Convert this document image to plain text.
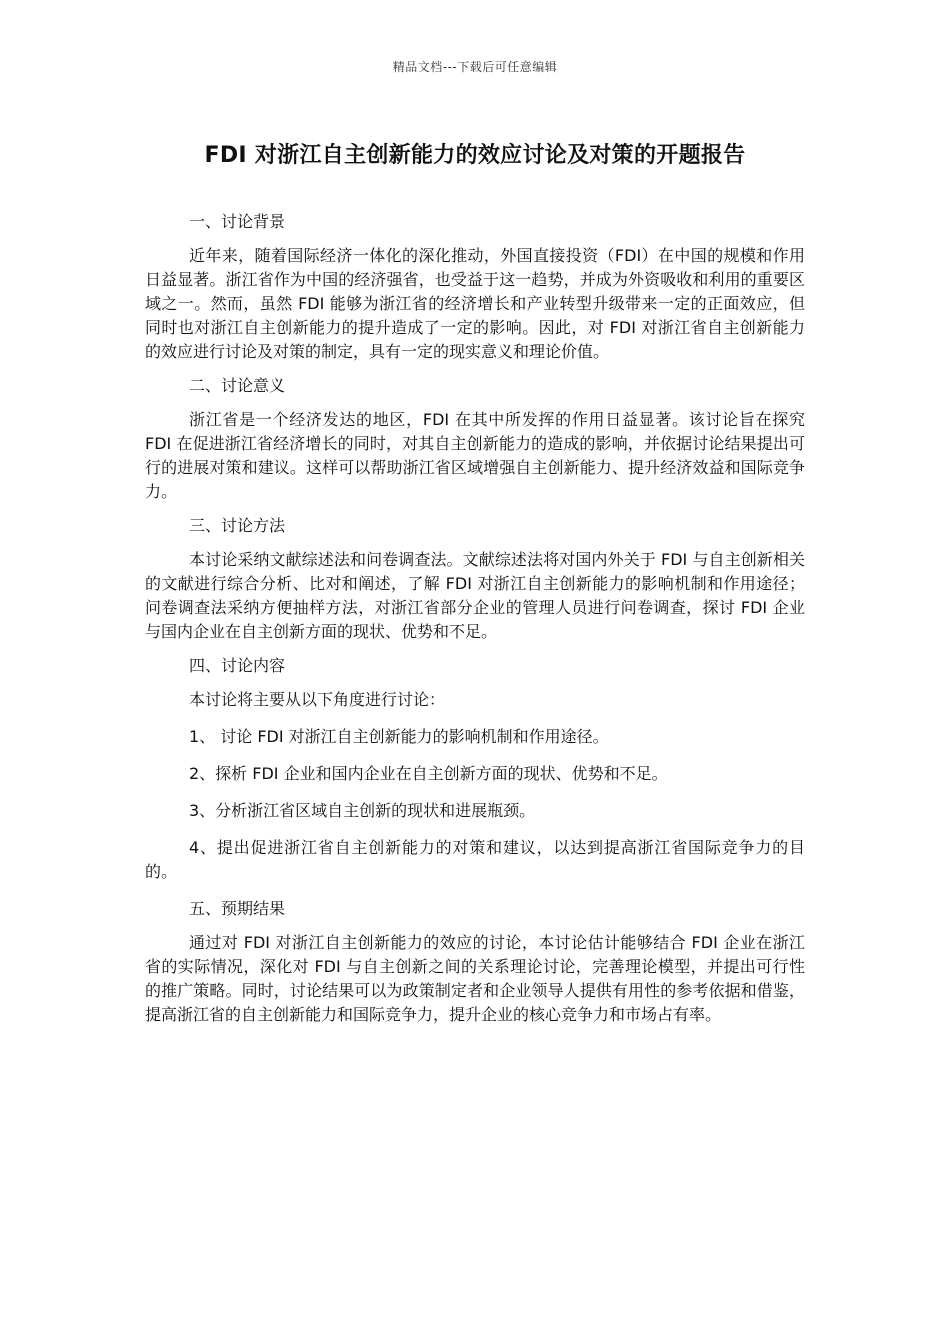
精品文档---下载后可任意编辑
FDI 对浙江自主创新能力的效应讨论及对策的开题报告

一、讨论背景

近年来，随着国际经济一体化的深化推动，外国直接投资（FDI）在中国的规模和作用日益显著。浙江省作为中国的经济强省，也受益于这一趋势，并成为外资吸收和利用的重要区域之一。然而，虽然 FDI 能够为浙江省的经济增长和产业转型升级带来一定的正面效应，但同时也对浙江自主创新能力的提升造成了一定的影响。因此，对 FDI 对浙江省自主创新能力的效应进行讨论及对策的制定，具有一定的现实意义和理论价值。

二、讨论意义

浙江省是一个经济发达的地区，FDI 在其中所发挥的作用日益显著。该讨论旨在探究 FDI 在促进浙江省经济增长的同时，对其自主创新能力的造成的影响，并依据讨论结果提出可行的进展对策和建议。这样可以帮助浙江省区域增强自主创新能力、提升经济效益和国际竞争力。

三、讨论方法

本讨论采纳文献综述法和问卷调查法。文献综述法将对国内外关于 FDI 与自主创新相关的文献进行综合分析、比对和阐述，了解 FDI 对浙江自主创新能力的影响机制和作用途径；问卷调查法采纳方便抽样方法，对浙江省部分企业的管理人员进行问卷调查，探讨 FDI 企业与国内企业在自主创新方面的现状、优势和不足。

四、讨论内容

本讨论将主要从以下角度进行讨论：

1、 讨论 FDI 对浙江自主创新能力的影响机制和作用途径。

2、探析 FDI 企业和国内企业在自主创新方面的现状、优势和不足。

3、分析浙江省区域自主创新的现状和进展瓶颈。

4、提出促进浙江省自主创新能力的对策和建议，以达到提高浙江省国际竞争力的目的。

五、预期结果

通过对 FDI 对浙江自主创新能力的效应的讨论，本讨论估计能够结合 FDI 企业在浙江省的实际情况，深化对 FDI 与自主创新之间的关系理论讨论，完善理论模型，并提出可行性的推广策略。同时，讨论结果可以为政策制定者和企业领导人提供有用性的参考依据和借鉴，提高浙江省的自主创新能力和国际竞争力，提升企业的核心竞争力和市场占有率。
